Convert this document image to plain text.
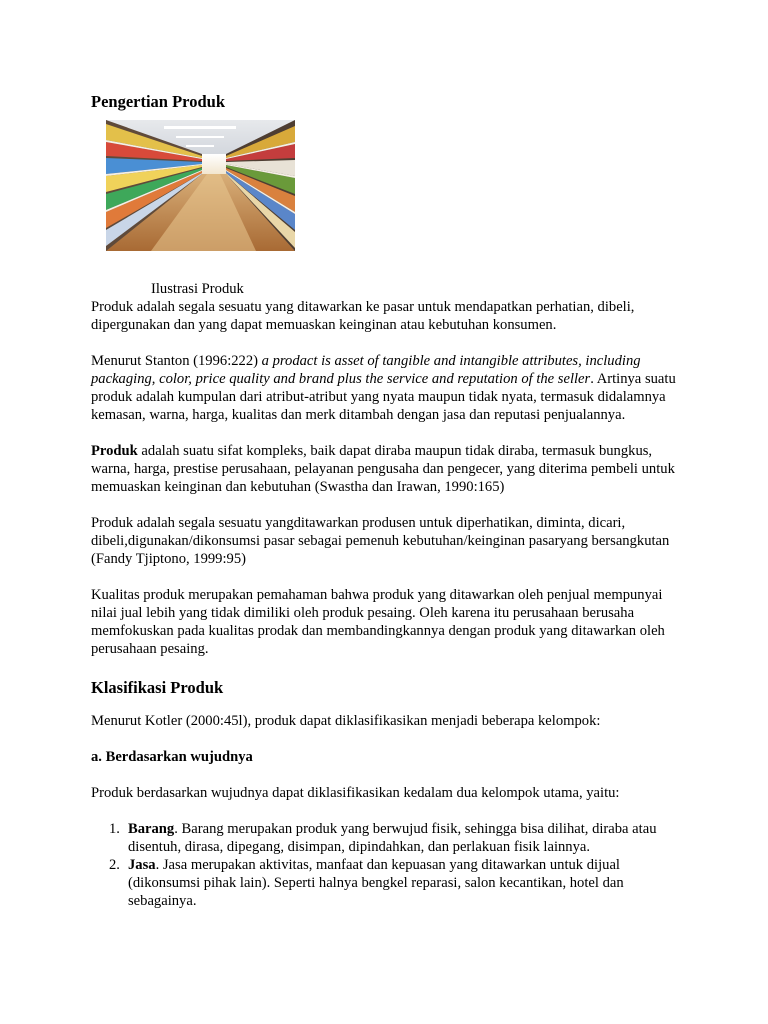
Pengertian Produk

Ilustrasi Produk

Produk adalah segala sesuatu yang ditawarkan ke pasar untuk mendapatkan perhatian, dibeli, dipergunakan dan yang dapat memuaskan keinginan atau kebutuhan konsumen.

Menurut Stanton (1996:222) a prodact is asset of tangible and intangible attributes, including packaging, color, price quality and brand plus the service and reputation of the seller. Artinya suatu produk adalah kumpulan dari atribut-atribut yang nyata maupun tidak nyata, termasuk didalamnya kemasan, warna, harga, kualitas dan merk ditambah dengan jasa dan reputasi penjualannya.

Produk adalah suatu sifat kompleks, baik dapat diraba maupun tidak diraba, termasuk bungkus, warna, harga, prestise perusahaan, pelayanan pengusaha dan pengecer, yang diterima pembeli untuk memuaskan keinginan dan kebutuhan (Swastha dan Irawan, 1990:165)

Produk adalah segala sesuatu yangditawarkan produsen untuk diperhatikan, diminta, dicari, dibeli,digunakan/dikonsumsi pasar sebagai pemenuh kebutuhan/keinginan pasaryang bersangkutan (Fandy Tjiptono, 1999:95)

Kualitas produk merupakan pemahaman bahwa produk yang ditawarkan oleh penjual mempunyai nilai jual lebih yang tidak dimiliki oleh produk pesaing. Oleh karena itu perusahaan berusaha memfokuskan pada kualitas prodak dan membandingkannya dengan produk yang ditawarkan oleh perusahaan pesaing.

Klasifikasi Produk

Menurut Kotler (2000:45l), produk dapat diklasifikasikan menjadi beberapa kelompok:

a. Berdasarkan wujudnya

Produk berdasarkan wujudnya dapat diklasifikasikan kedalam dua kelompok utama, yaitu:

1. Barang. Barang merupakan produk yang berwujud fisik, sehingga bisa dilihat, diraba atau disentuh, dirasa, dipegang, disimpan, dipindahkan, dan perlakuan fisik lainnya.
2. Jasa. Jasa merupakan aktivitas, manfaat dan kepuasan yang ditawarkan untuk dijual (dikonsumsi pihak lain). Seperti halnya bengkel reparasi, salon kecantikan, hotel dan sebagainya.
